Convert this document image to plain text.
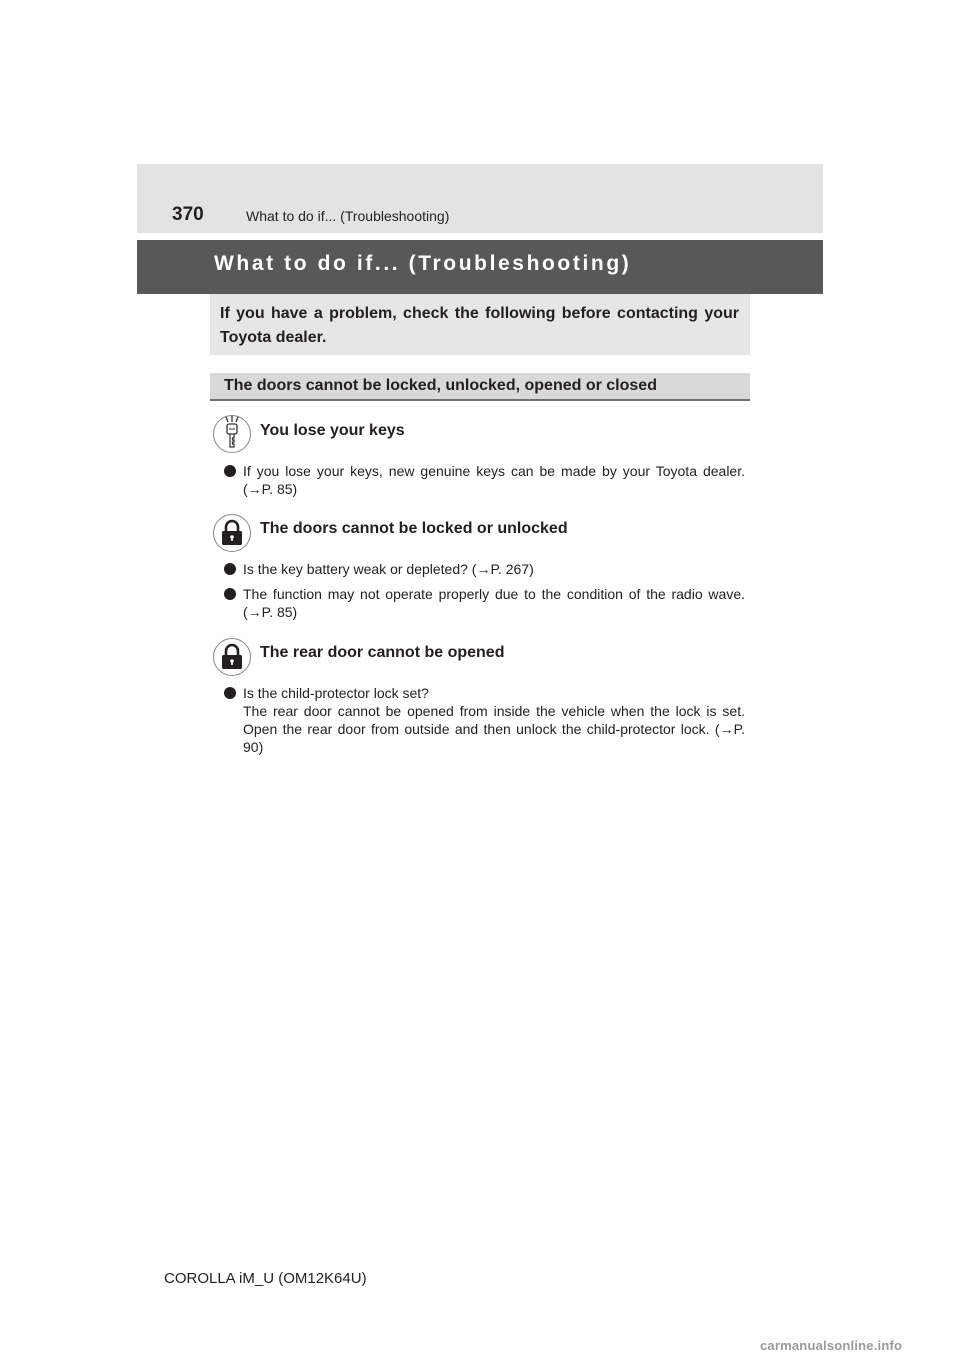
370	What to do if... (Troubleshooting)
What to do if... (Troubleshooting)

If you have a problem, check the following before contacting your Toyota dealer.

The doors cannot be locked, unlocked, opened or closed
You lose your keys

If you lose your keys, new genuine keys can be made by your Toyota dealer. (→P. 85)

The doors cannot be locked or unlocked

Is the key battery weak or depleted? (→P. 267)

The function may not operate properly due to the condition of the radio wave. (→P. 85)

The rear door cannot be opened

Is the child-protector lock set?
The rear door cannot be opened from inside the vehicle when the lock is set. Open the rear door from outside and then unlock the child-protector lock. (→P. 90)

COROLLA iM_U (OM12K64U)
carmanualsonline.info
